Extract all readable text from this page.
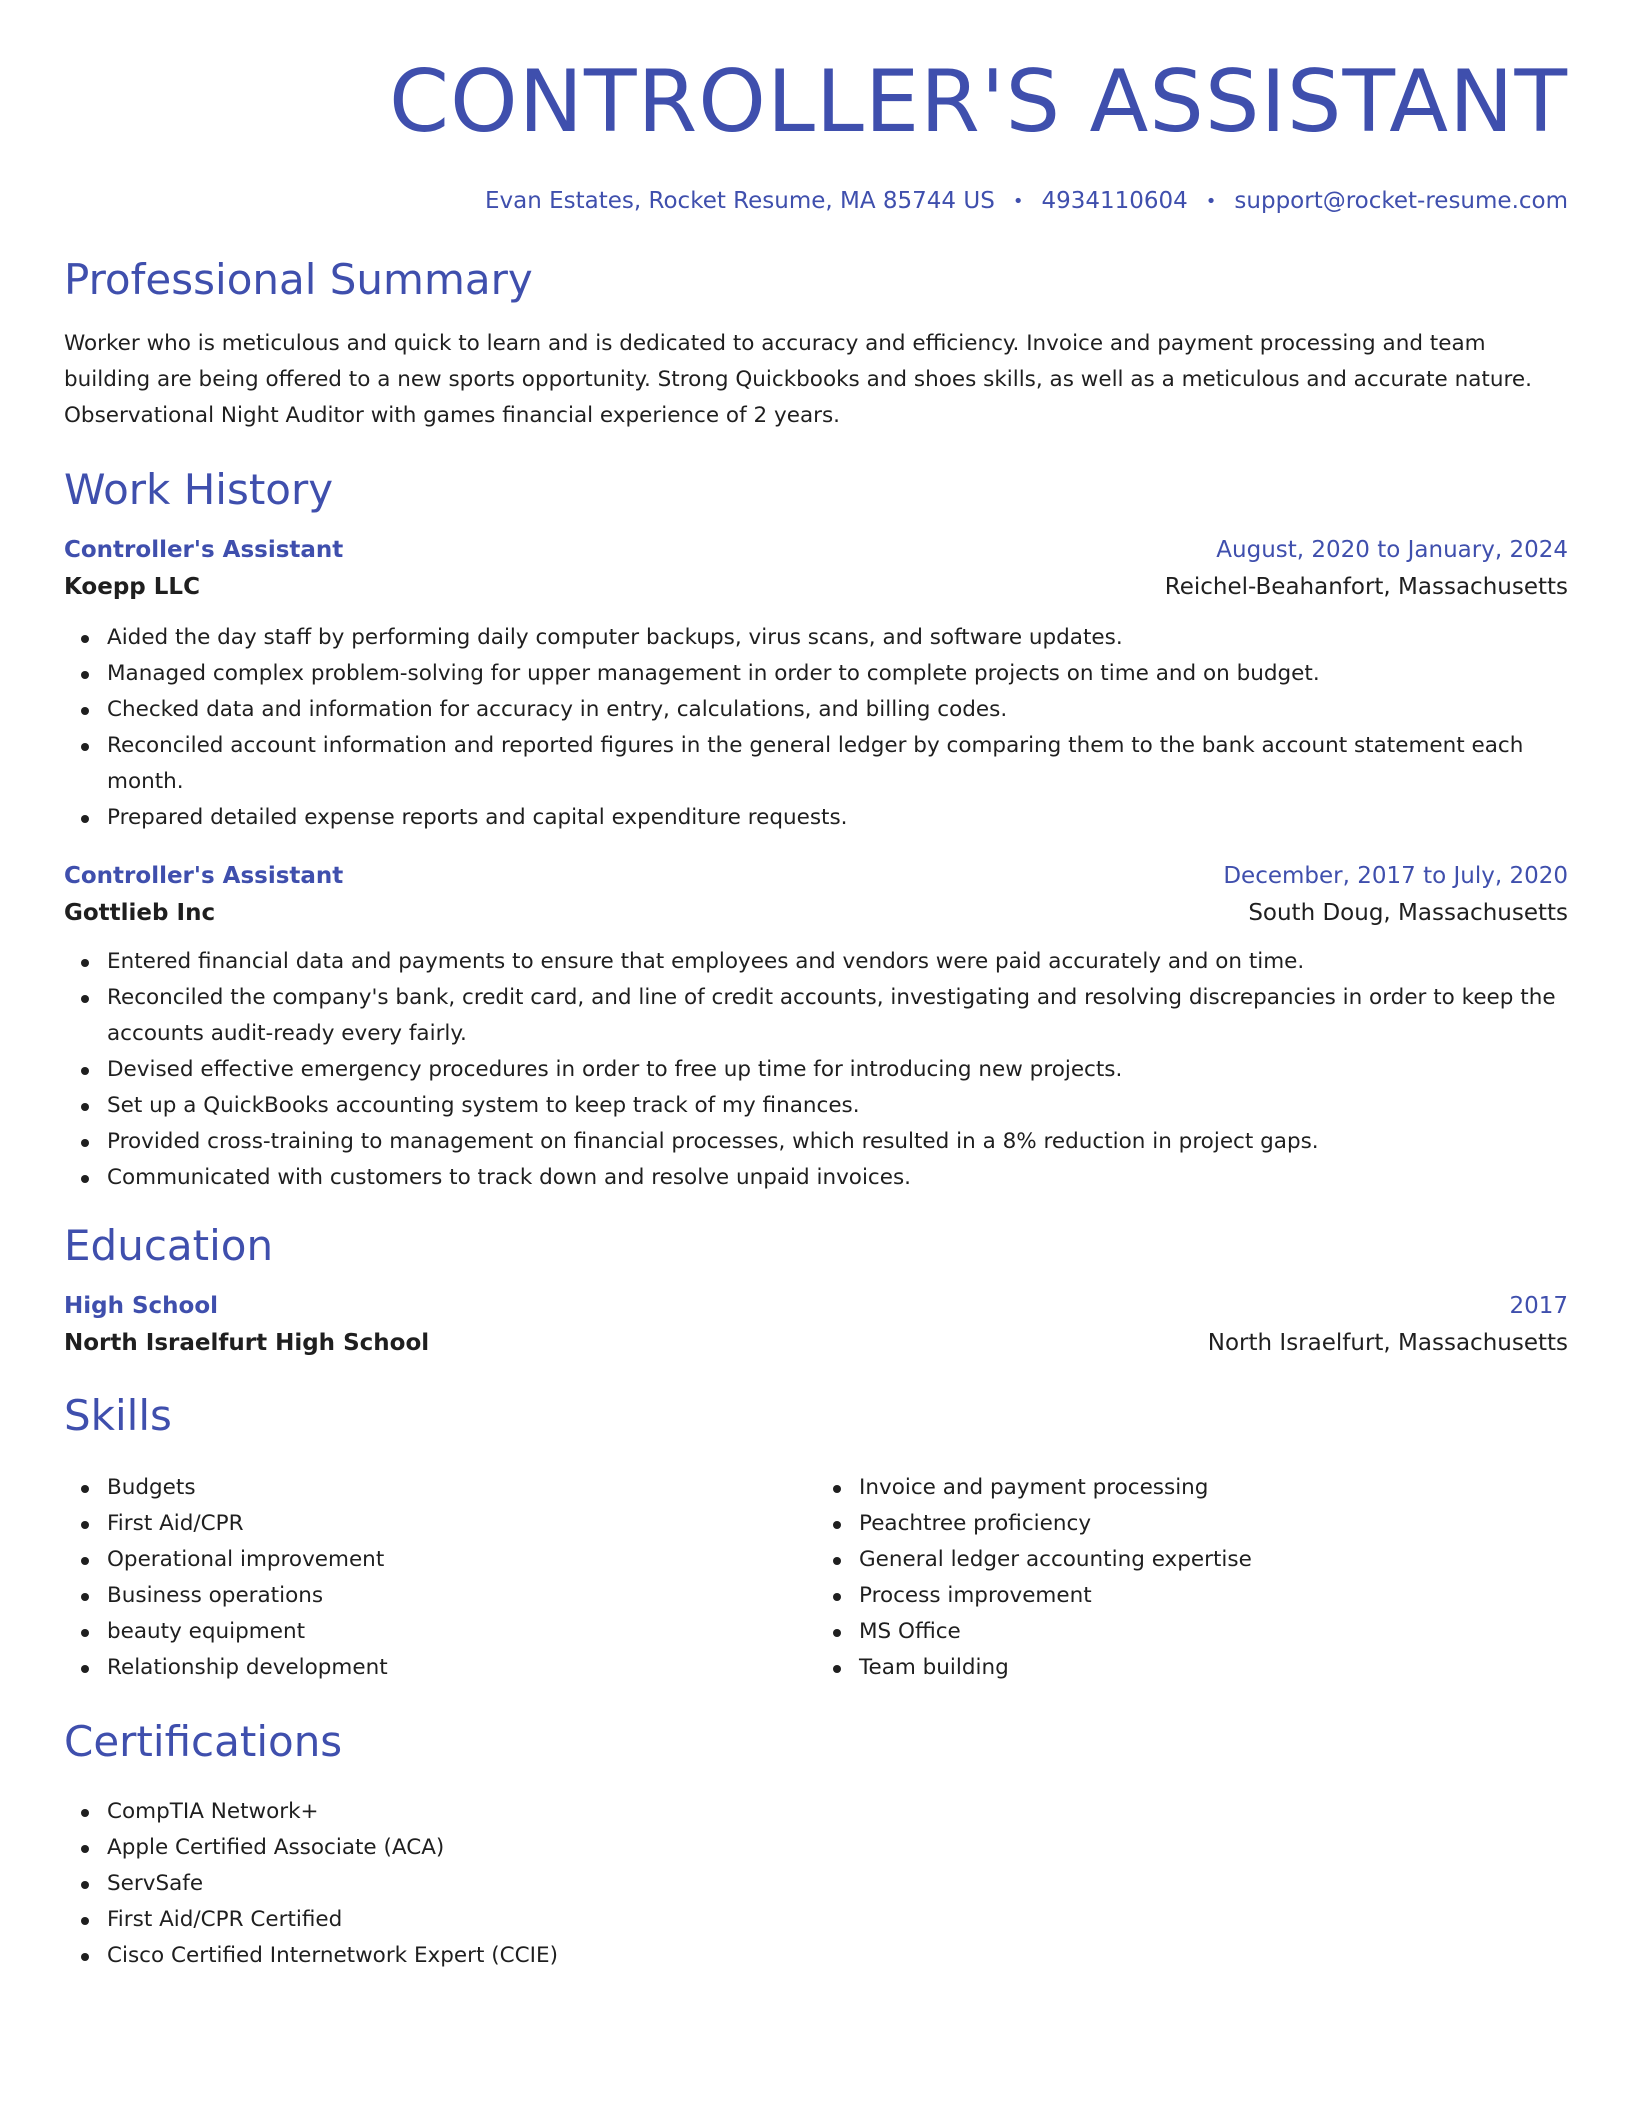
CONTROLLER'S ASSISTANT
Evan Estates, Rocket Resume, MA 85744 US • 4934110604 • support@rocket-resume.com
Professional Summary

Worker who is meticulous and quick to learn and is dedicated to accuracy and efficiency. Invoice and payment processing and team building are being offered to a new sports opportunity. Strong Quickbooks and shoes skills, as well as a meticulous and accurate nature. Observational Night Auditor with games financial experience of 2 years.

Work History
Controller's Assistant	August, 2020 to January, 2024
Koepp LLC	Reichel-Beahanfort, Massachusetts
Aided the day staff by performing daily computer backups, virus scans, and software updates.
Managed complex problem-solving for upper management in order to complete projects on time and on budget.
Checked data and information for accuracy in entry, calculations, and billing codes.
Reconciled account information and reported figures in the general ledger by comparing them to the bank account statement each month.
Prepared detailed expense reports and capital expenditure requests.
Controller's Assistant	December, 2017 to July, 2020
Gottlieb Inc	South Doug, Massachusetts
Entered financial data and payments to ensure that employees and vendors were paid accurately and on time.
Reconciled the company's bank, credit card, and line of credit accounts, investigating and resolving discrepancies in order to keep the accounts audit-ready every fairly.
Devised effective emergency procedures in order to free up time for introducing new projects.
Set up a QuickBooks accounting system to keep track of my finances.
Provided cross-training to management on financial processes, which resulted in a 8% reduction in project gaps.
Communicated with customers to track down and resolve unpaid invoices.
Education
High School	2017
North Israelfurt High School	North Israelfurt, Massachusetts
Skills
Budgets
First Aid/CPR
Operational improvement
Business operations
beauty equipment
Relationship development
Invoice and payment processing
Peachtree proficiency
General ledger accounting expertise
Process improvement
MS Office
Team building
Certifications
CompTIA Network+
Apple Certified Associate (ACA)
ServSafe
First Aid/CPR Certified
Cisco Certified Internetwork Expert (CCIE)
